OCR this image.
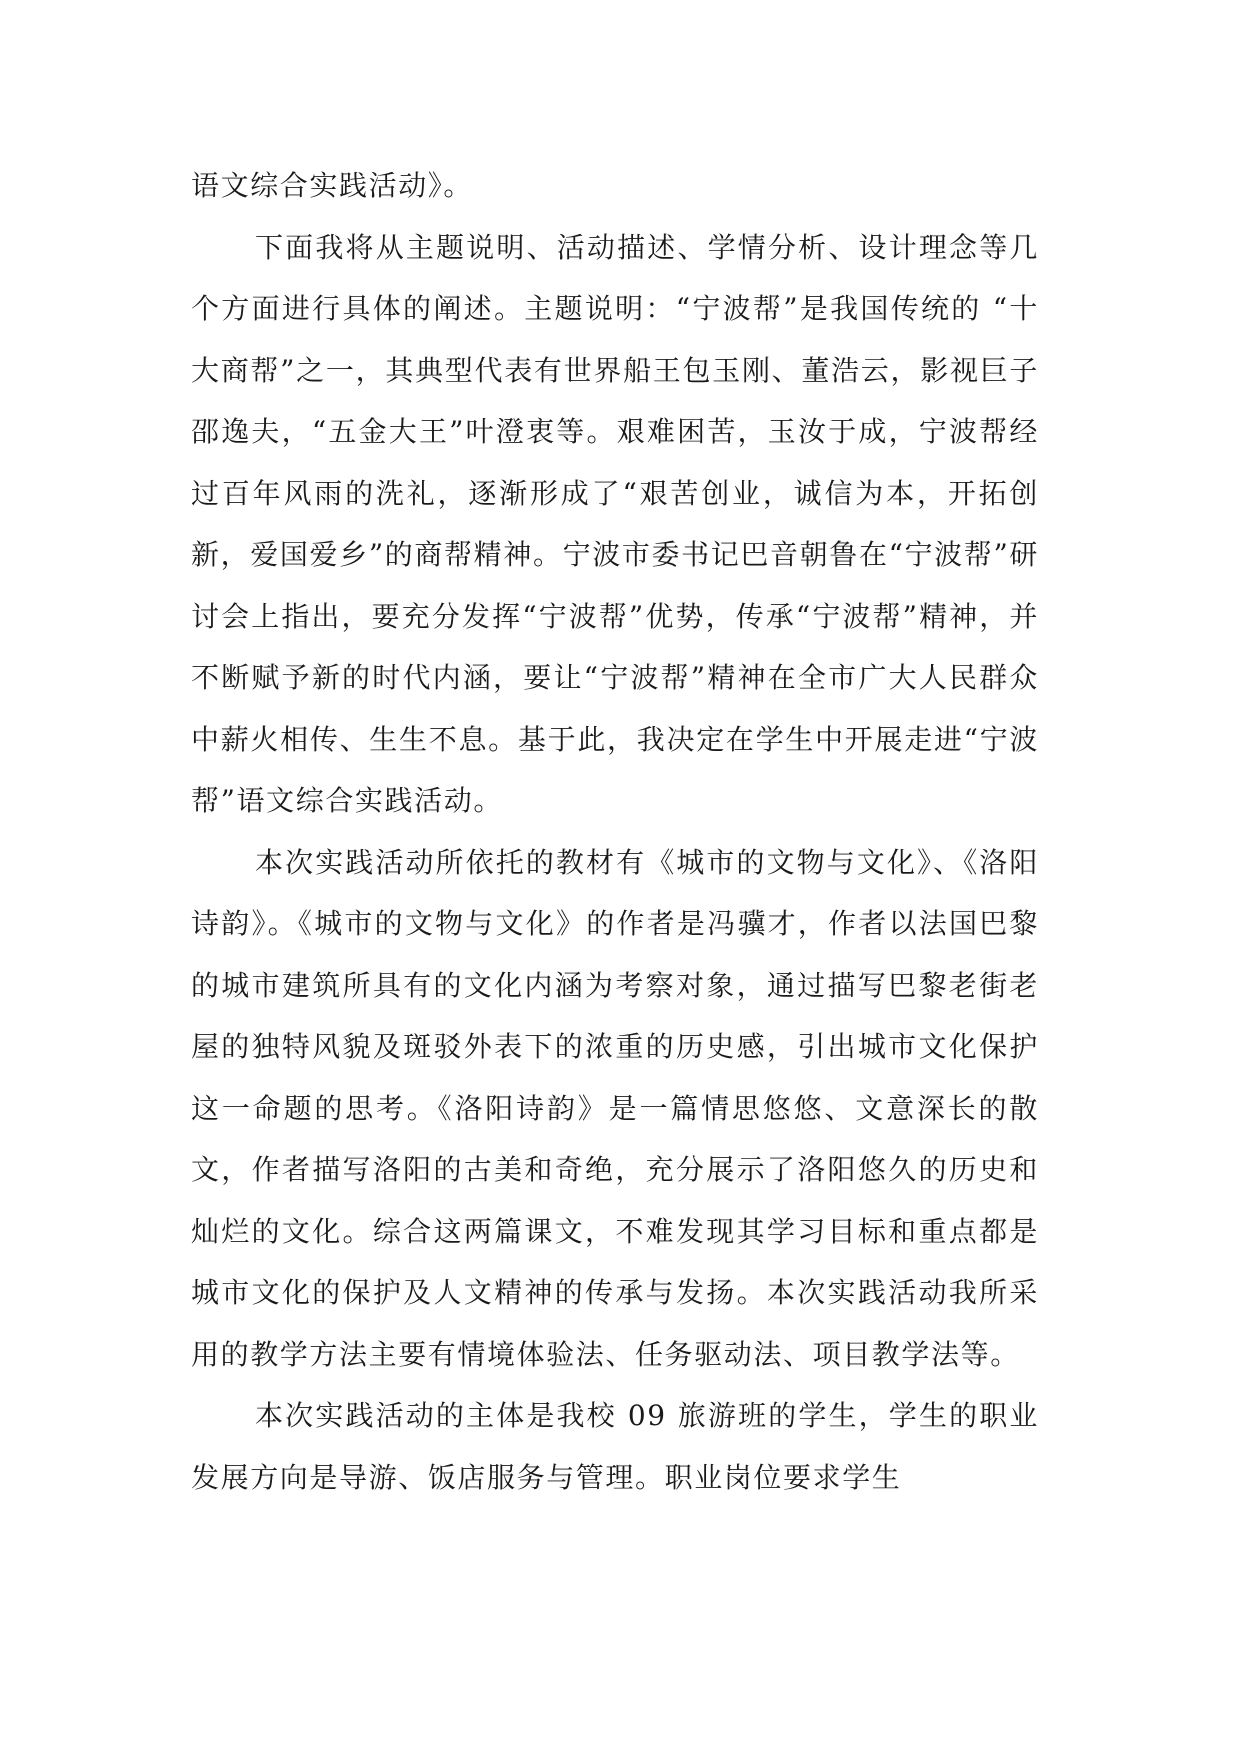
语文综合实践活动》。

下面我将从主题说明、活动描述、学情分析、设计理念等几个方面进行具体的阐述。主题说明：“宁波帮”是我国传统的 “十大商帮”之一，其典型代表有世界船王包玉刚、董浩云，影视巨子邵逸夫，“五金大王”叶澄衷等。艰难困苦，玉汝于成，宁波帮经过百年风雨的洗礼，逐渐形成了“艰苦创业，诚信为本，开拓创新，爱国爱乡”的商帮精神。宁波市委书记巴音朝鲁在“宁波帮”研讨会上指出，要充分发挥“宁波帮”优势，传承“宁波帮”精神，并不断赋予新的时代内涵，要让“宁波帮”精神在全市广大人民群众中薪火相传、生生不息。基于此，我决定在学生中开展走进“宁波帮”语文综合实践活动。

本次实践活动所依托的教材有《城市的文物与文化》、《洛阳诗韵》。《城市的文物与文化》的作者是冯骥才，作者以法国巴黎的城市建筑所具有的文化内涵为考察对象，通过描写巴黎老街老屋的独特风貌及斑驳外表下的浓重的历史感，引出城市文化保护这一命题的思考。《洛阳诗韵》是一篇情思悠悠、文意深长的散文，作者描写洛阳的古美和奇绝，充分展示了洛阳悠久的历史和灿烂的文化。综合这两篇课文，不难发现其学习目标和重点都是城市文化的保护及人文精神的传承与发扬。本次实践活动我所采用的教学方法主要有情境体验法、任务驱动法、项目教学法等。

本次实践活动的主体是我校 09 旅游班的学生，学生的职业发展方向是导游、饭店服务与管理。职业岗位要求学生
